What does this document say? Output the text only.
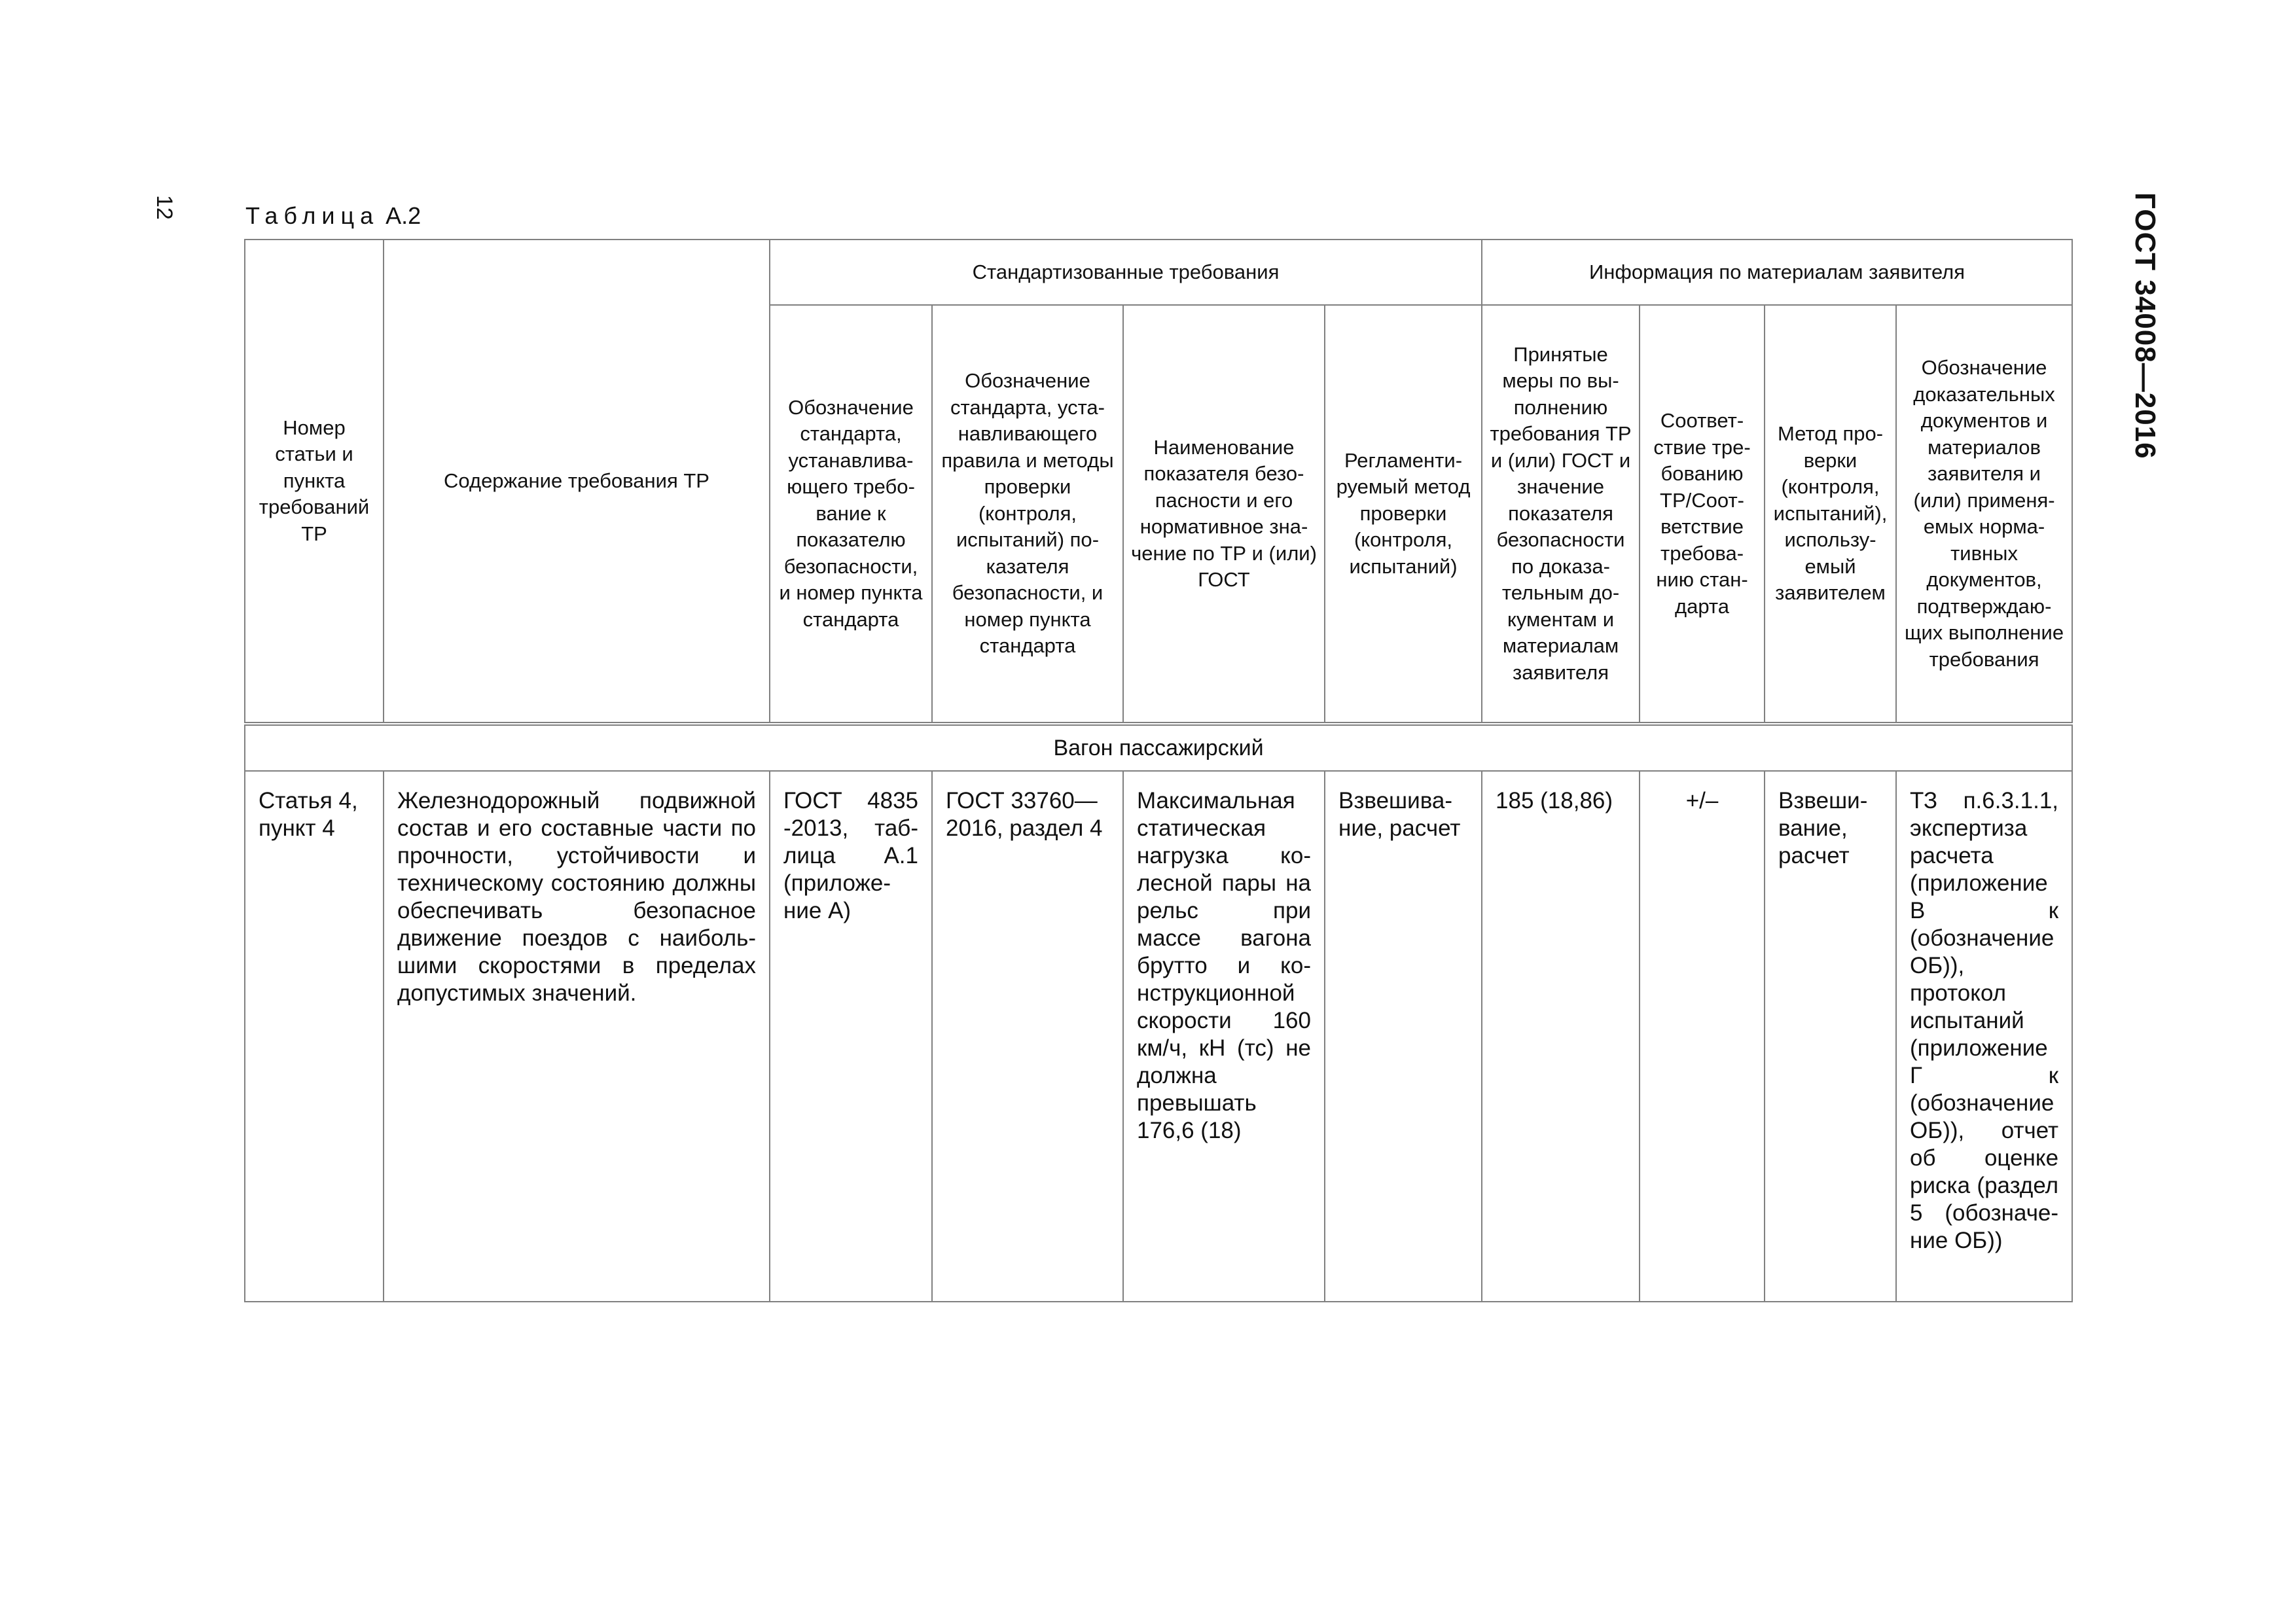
12	ГОСТ 34008—2016
Таблица А.2
Номер статьи и пункта требований ТР	Содержание требования ТР	Стандартизованные требования				Информация по материалам заявителя			
		Обозначение стандарта, устанавливающего требование к показателю безопасности, и номер пункта стандарта	Обозначение стандарта, устанавливающего правила и методы проверки (контроля, испытаний) показателя безопасности, и номер пункта стандарта	Наименование показателя безопасности и его нормативное значение по ТР и (или) ГОСТ	Регламентируемый метод проверки (контроля, испытаний)	Принятые меры по выполнению требования ТР и (или) ГОСТ и значение показателя безопасности по доказательным документам и материалам заявителя	Соответствие требованию ТР/Соответствие требованию стандарта	Метод проверки (контроля, испытаний), используемый заявителем	Обозначение доказательных документов и материалов заявителя и (или) применяемых нормативных документов, подтверждающих выполнение требования
Вагон пассажирский									
Статья 4, пункт 4	Железнодорожный подвижной состав и его составные части по прочности, устойчивости и техническому состоянию должны обеспечивать безопасное движение поездов с наибольшими скоростями в пределах допустимых значений.	ГОСТ 4835 -2013, таблица А.1 (приложение А)	ГОСТ 33760—2016, раздел 4	Максимальная статическая нагрузка колесной пары на рельс при массе вагона брутто и конструкционной скорости 160 км/ч, кН (тс) не должна превышать 176,6 (18)	Взвешивание, расчет	185 (18,86)	+/–	Взвешивание, расчет	ТЗ п.6.3.1.1, экспертиза расчета (приложение В к (обозначение ОБ)), протокол испытаний (приложение Г к (обозначение ОБ)), отчет об оценке риска (раздел 5 (обозначение ОБ))
